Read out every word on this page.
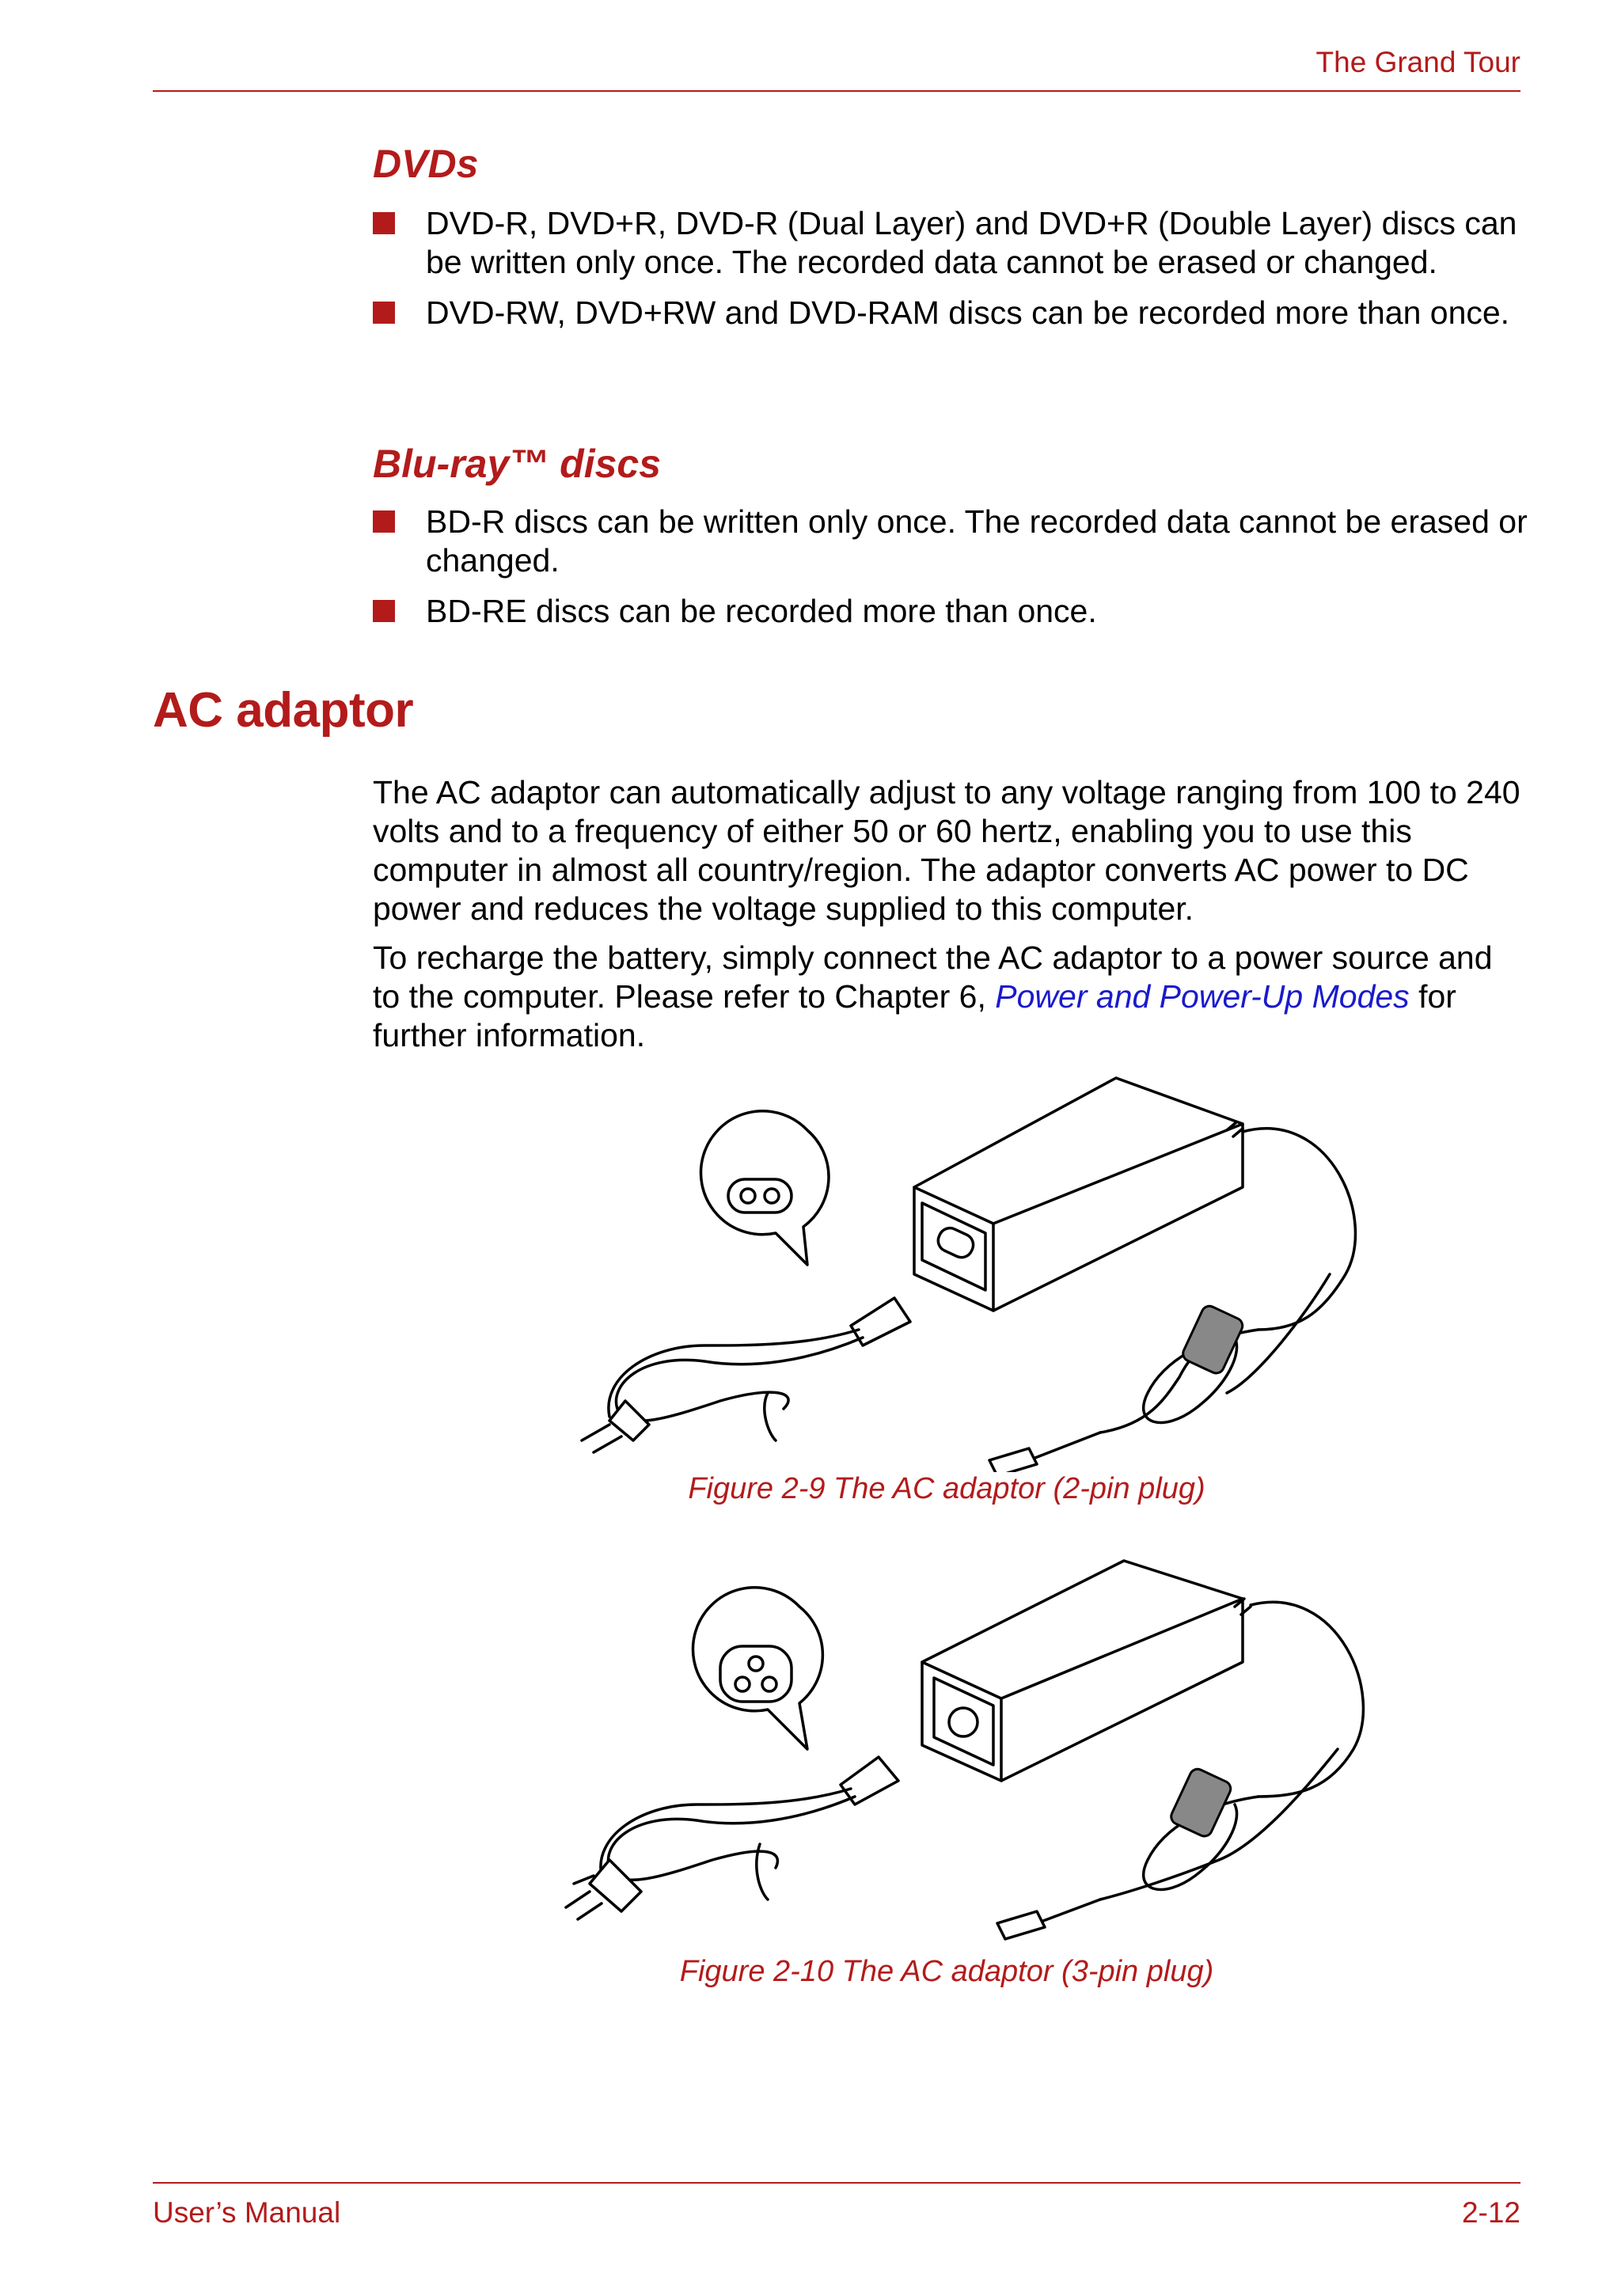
The Grand Tour
DVDs
DVD-R, DVD+R, DVD-R (Dual Layer) and DVD+R (Double Layer) discs can be written only once. The recorded data cannot be erased or changed.
DVD-RW, DVD+RW and DVD-RAM discs can be recorded more than once.
Blu-ray™ discs
BD-R discs can be written only once. The recorded data cannot be erased or changed.
BD-RE discs can be recorded more than once.
AC adaptor
The AC adaptor can automatically adjust to any voltage ranging from 100 to 240 volts and to a frequency of either 50 or 60 hertz, enabling you to use this computer in almost all country/region. The adaptor converts AC power to DC power and reduces the voltage supplied to this computer.
To recharge the battery, simply connect the AC adaptor to a power source and to the computer. Please refer to Chapter 6, Power and Power-Up Modes for further information.
Figure 2-9 The AC adaptor (2-pin plug)
Figure 2-10 The AC adaptor (3-pin plug)
User’s Manual	2-12
